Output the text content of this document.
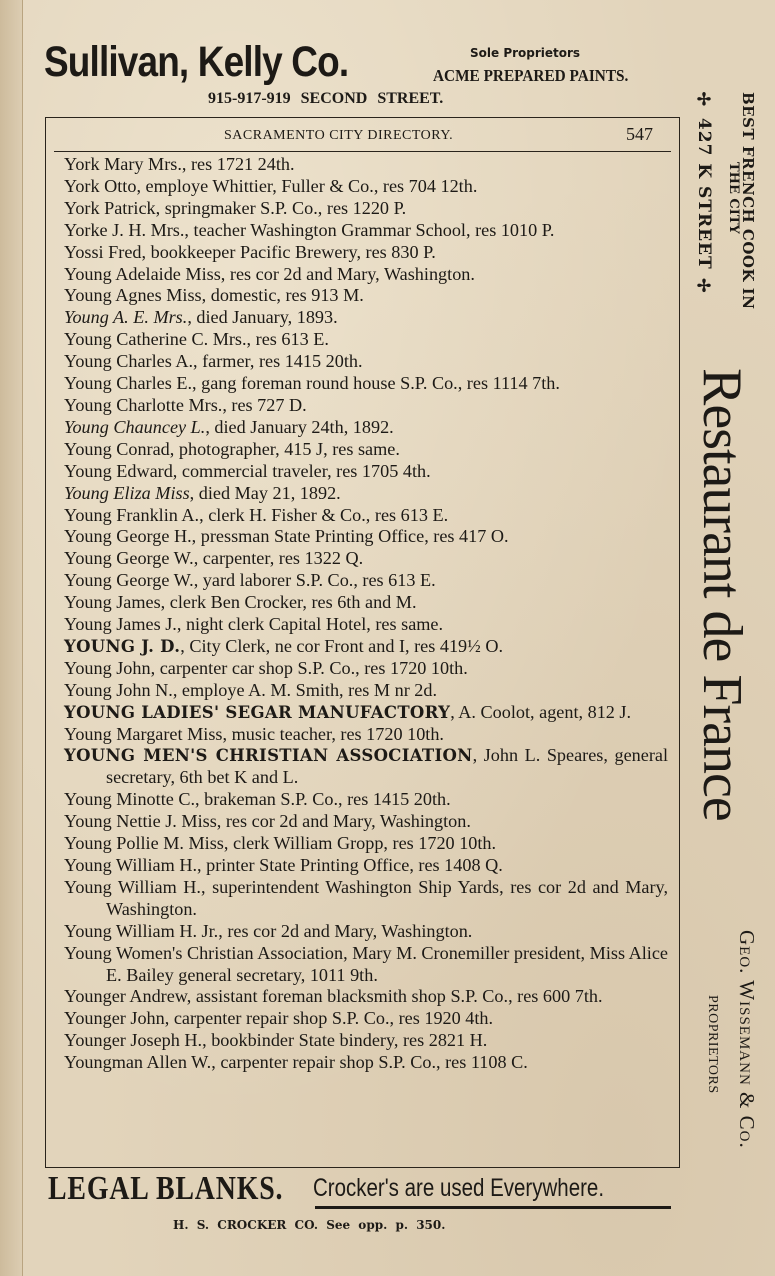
Sullivan, Kelly Co.	Sole Proprietors
ACME PREPARED PAINTS.
915-917-919 SECOND STREET.
SACRAMENTO CITY DIRECTORY.	547
York Mary Mrs., res 1721 24th.
York Otto, employe Whittier, Fuller & Co., res 704 12th.
York Patrick, springmaker S.P. Co., res 1220 P.
Yorke J. H. Mrs., teacher Washington Grammar School, res 1010 P.
Yossi Fred, bookkeeper Pacific Brewery, res 830 P.
Young Adelaide Miss, res cor 2d and Mary, Washington.
Young Agnes Miss, domestic, res 913 M.
Young A. E. Mrs., died January, 1893.
Young Catherine C. Mrs., res 613 E.
Young Charles A., farmer, res 1415 20th.
Young Charles E., gang foreman round house S.P. Co., res 1114 7th.
Young Charlotte Mrs., res 727 D.
Young Chauncey L., died January 24th, 1892.
Young Conrad, photographer, 415 J, res same.
Young Edward, commercial traveler, res 1705 4th.
Young Eliza Miss, died May 21, 1892.
Young Franklin A., clerk H. Fisher & Co., res 613 E.
Young George H., pressman State Printing Office, res 417 O.
Young George W., carpenter, res 1322 Q.
Young George W., yard laborer S.P. Co., res 613 E.
Young James, clerk Ben Crocker, res 6th and M.
Young James J., night clerk Capital Hotel, res same.
YOUNG J. D., City Clerk, ne cor Front and I, res 419½ O.
Young John, carpenter car shop S.P. Co., res 1720 10th.
Young John N., employe A. M. Smith, res M nr 2d.
YOUNG LADIES' SEGAR MANUFACTORY, A. Coolot, agent, 812 J.
Young Margaret Miss, music teacher, res 1720 10th.
YOUNG MEN'S CHRISTIAN ASSOCIATION, John L. Speares, general secretary, 6th bet K and L.
Young Minotte C., brakeman S.P. Co., res 1415 20th.
Young Nettie J. Miss, res cor 2d and Mary, Washington.
Young Pollie M. Miss, clerk William Gropp, res 1720 10th.
Young William H., printer State Printing Office, res 1408 Q.
Young William H., superintendent Washington Ship Yards, res cor 2d and Mary, Washington.
Young William H. Jr., res cor 2d and Mary, Washington.
Young Women's Christian Association, Mary M. Cronemiller president, Miss Alice E. Bailey general secretary, 1011 9th.
Younger Andrew, assistant foreman blacksmith shop S.P. Co., res 600 7th.
Younger John, carpenter repair shop S.P. Co., res 1920 4th.
Younger Joseph H., bookbinder State bindery, res 2821 H.
Youngman Allen W., carpenter repair shop S.P. Co., res 1108 C.
BEST FRENCH COOK IN
THE CITY
✢ 427 K STREET ✢
Restaurant de France
Geo. Wissemann & Co.
PROPRIETORS
LEGAL BLANKS. Crocker's are used Everywhere.
H. S. CROCKER CO. See opp. p. 350.
